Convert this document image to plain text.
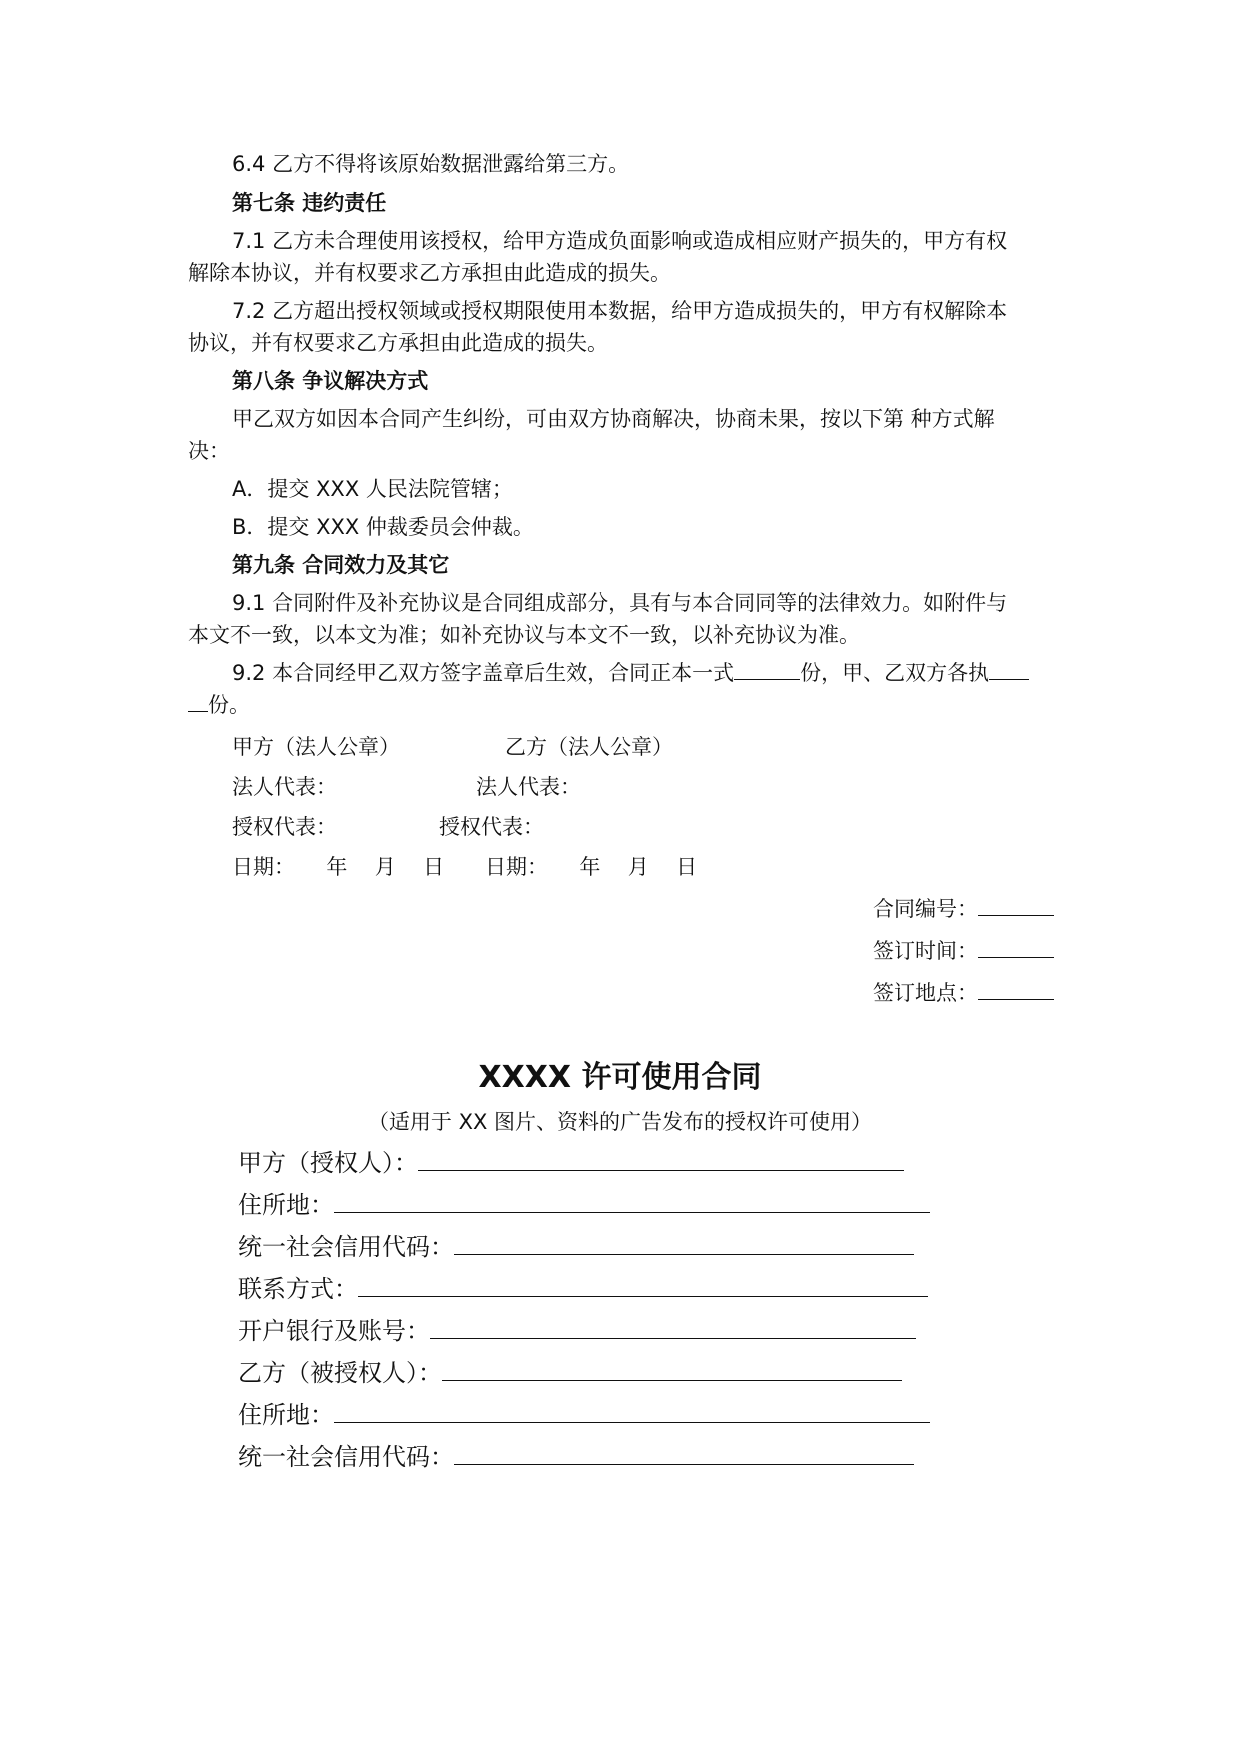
6.4 乙方不得将该原始数据泄露给第三方。
第七条 违约责任
7.1 乙方未合理使用该授权，给甲方造成负面影响或造成相应财产损失的，甲方有权
解除本协议，并有权要求乙方承担由此造成的损失。
7.2 乙方超出授权领域或授权期限使用本数据，给甲方造成损失的，甲方有权解除本
协议，并有权要求乙方承担由此造成的损失。
第八条 争议解决方式
甲乙双方如因本合同产生纠纷，可由双方协商解决，协商未果，按以下第 种方式解
决：
A．提交 XXX 人民法院管辖；
B．提交 XXX 仲裁委员会仲裁。
第九条 合同效力及其它
9.1 合同附件及补充协议是合同组成部分，具有与本合同同等的法律效力。如附件与
本文不一致，以本文为准；如补充协议与本文不一致，以补充协议为准。
9.2 本合同经甲乙双方签字盖章后生效，合同正本一式	份，甲、乙双方各执
份。
甲方（法人公章）	乙方（法人公章）
法人代表：	法人代表：
授权代表：	授权代表：
日期： 年 月 日 日期： 年 月 日
合同编号：
签订时间：
签订地点：
XXXX 许可使用合同
（适用于 XX 图片、资料的广告发布的授权许可使用）
甲方（授权人）：
住所地：
统一社会信用代码：
联系方式：
开户银行及账号：
乙方（被授权人）：
住所地：
统一社会信用代码：
